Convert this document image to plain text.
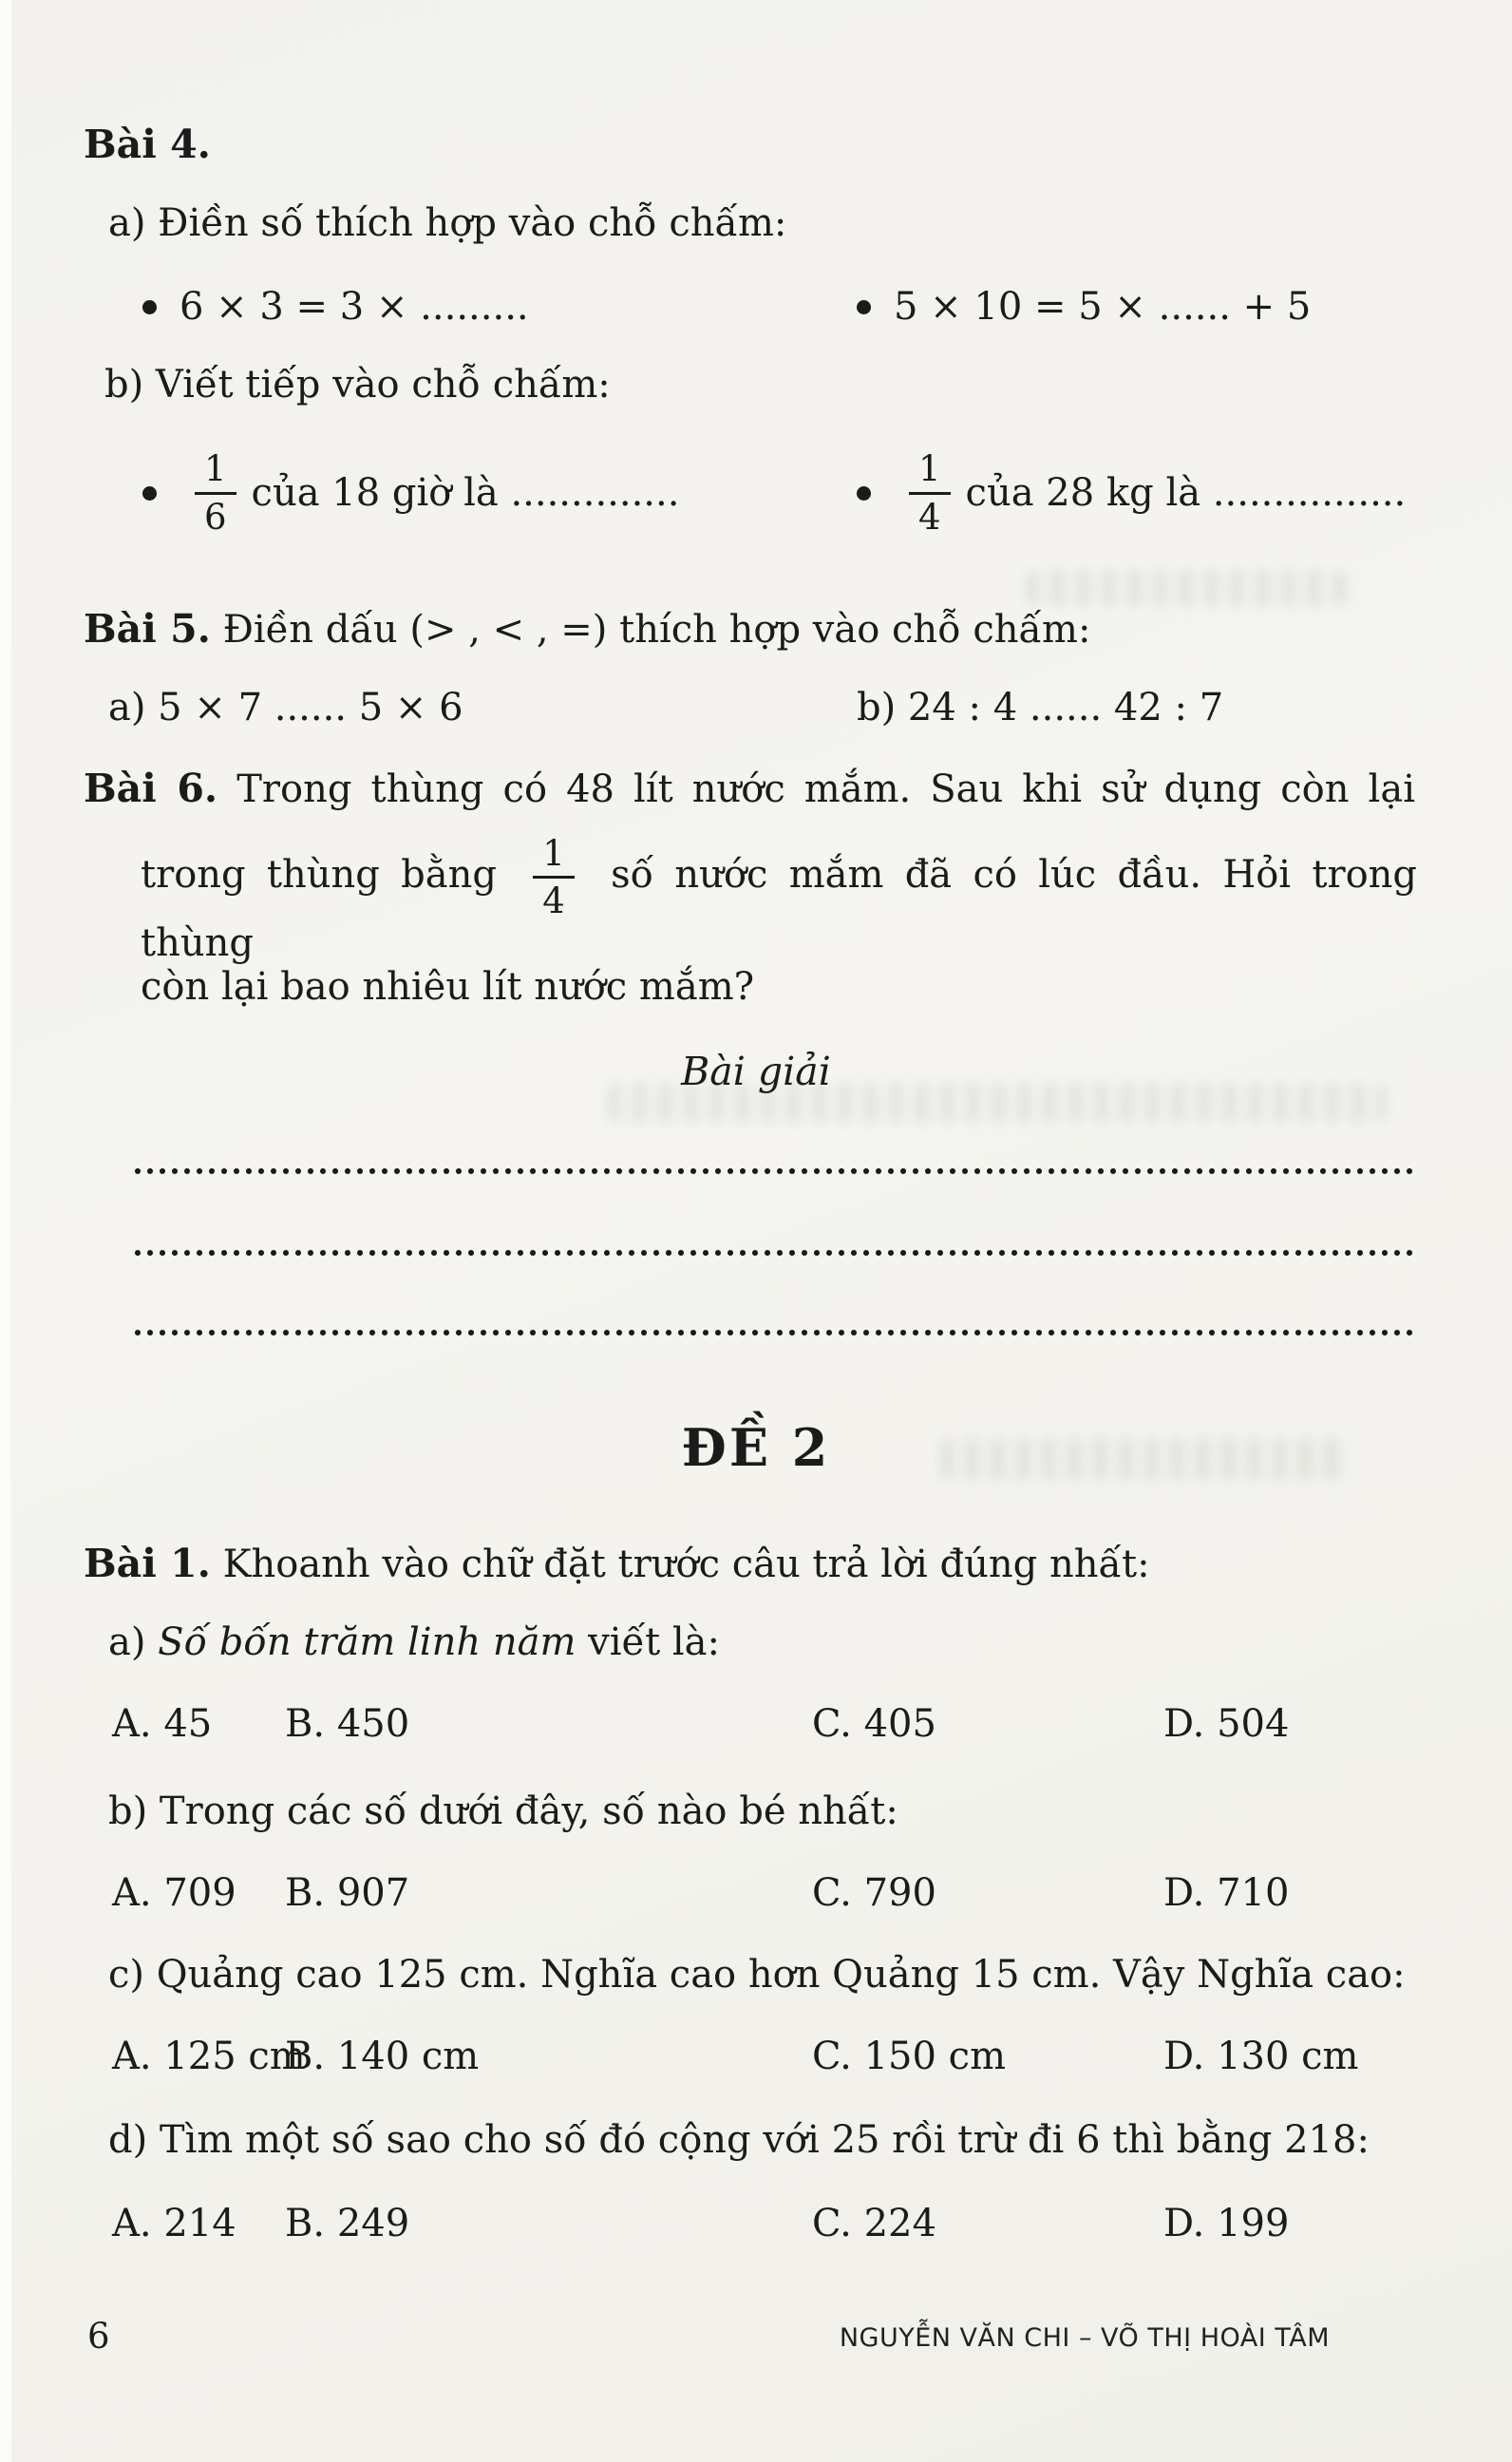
Bài 4.
a) Điền số thích hợp vào chỗ chấm:
6 × 3 = 3 × .........	5 × 10 = 5 × ...... + 5
b) Viết tiếp vào chỗ chấm:
$\frac{1}{6}$ của 18 giờ là ..............	$\frac{1}{4}$ của 28 kg là ................
Bài 5. Điền dấu (> , < , =) thích hợp vào chỗ chấm:
a) 5 × 7 ...... 5 × 6	b) 24 : 4 ...... 42 : 7
Bài 6. Trong thùng có 48 lít nước mắm. Sau khi sử dụng còn lại
trong thùng bằng $\frac{1}{4}$ số nước mắm đã có lúc đầu. Hỏi trong thùng
còn lại bao nhiêu lít nước mắm?
Bài giải
ĐỀ 2
Bài 1. Khoanh vào chữ đặt trước câu trả lời đúng nhất:
a) Số bốn trăm linh năm viết là:
A. 45 B. 450	C. 405	D. 504
b) Trong các số dưới đây, số nào bé nhất:
A. 709 B. 907	C. 790	D. 710
c) Quảng cao 125 cm. Nghĩa cao hơn Quảng 15 cm. Vậy Nghĩa cao:
A. 125 cm
B. 140 cm	C. 150 cm	D. 130 cm
d) Tìm một số sao cho số đó cộng với 25 rồi trừ đi 6 thì bằng 218:
A. 214 B. 249	C. 224	D. 199
6	NGUYỄN VĂN CHI – VÕ THỊ HOÀI TÂM
